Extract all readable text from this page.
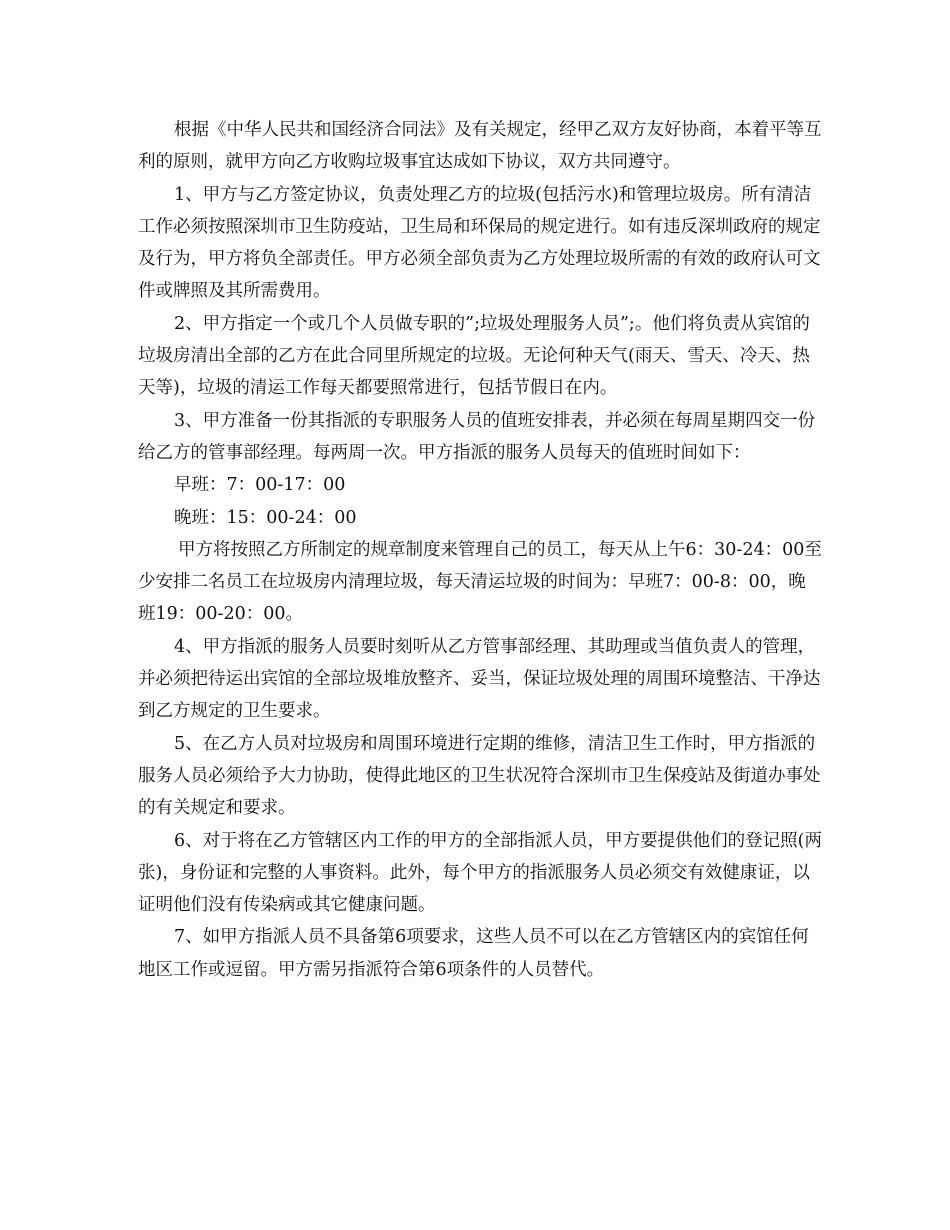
根据《中华人民共和国经济合同法》及有关规定，经甲乙双方友好协商，本着平等互利的原则，就甲方向乙方收购垃圾事宜达成如下协议，双方共同遵守。

1、甲方与乙方签定协议，负责处理乙方的垃圾(包括污水)和管理垃圾房。所有清洁工作必须按照深圳市卫生防疫站，卫生局和环保局的规定进行。如有违反深圳政府的规定及行为，甲方将负全部责任。甲方必须全部负责为乙方处理垃圾所需的有效的政府认可文件或牌照及其所需费用。

2、甲方指定一个或几个人员做专职的”;垃圾处理服务人员”;。他们将负责从宾馆的垃圾房清出全部的乙方在此合同里所规定的垃圾。无论何种天气(雨天、雪天、冷天、热天等)，垃圾的清运工作每天都要照常进行，包括节假日在内。

3、甲方准备一份其指派的专职服务人员的值班安排表，并必须在每周星期四交一份给乙方的管事部经理。每两周一次。甲方指派的服务人员每天的值班时间如下：

早班：7：00-17：00

晚班：15：00-24：00

甲方将按照乙方所制定的规章制度来管理自己的员工，每天从上午6：30-24：00至少安排二名员工在垃圾房内清理垃圾，每天清运垃圾的时间为：早班7：00-8：00，晚班19：00-20：00。

4、甲方指派的服务人员要时刻听从乙方管事部经理、其助理或当值负责人的管理，并必须把待运出宾馆的全部垃圾堆放整齐、妥当，保证垃圾处理的周围环境整洁、干净达到乙方规定的卫生要求。

5、在乙方人员对垃圾房和周围环境进行定期的维修，清洁卫生工作时，甲方指派的服务人员必须给予大力协助，使得此地区的卫生状况符合深圳市卫生保疫站及街道办事处的有关规定和要求。

6、对于将在乙方管辖区内工作的甲方的全部指派人员，甲方要提供他们的登记照(两张)，身份证和完整的人事资料。此外，每个甲方的指派服务人员必须交有效健康证，以证明他们没有传染病或其它健康问题。

7、如甲方指派人员不具备第6项要求，这些人员不可以在乙方管辖区内的宾馆任何地区工作或逗留。甲方需另指派符合第6项条件的人员替代。
